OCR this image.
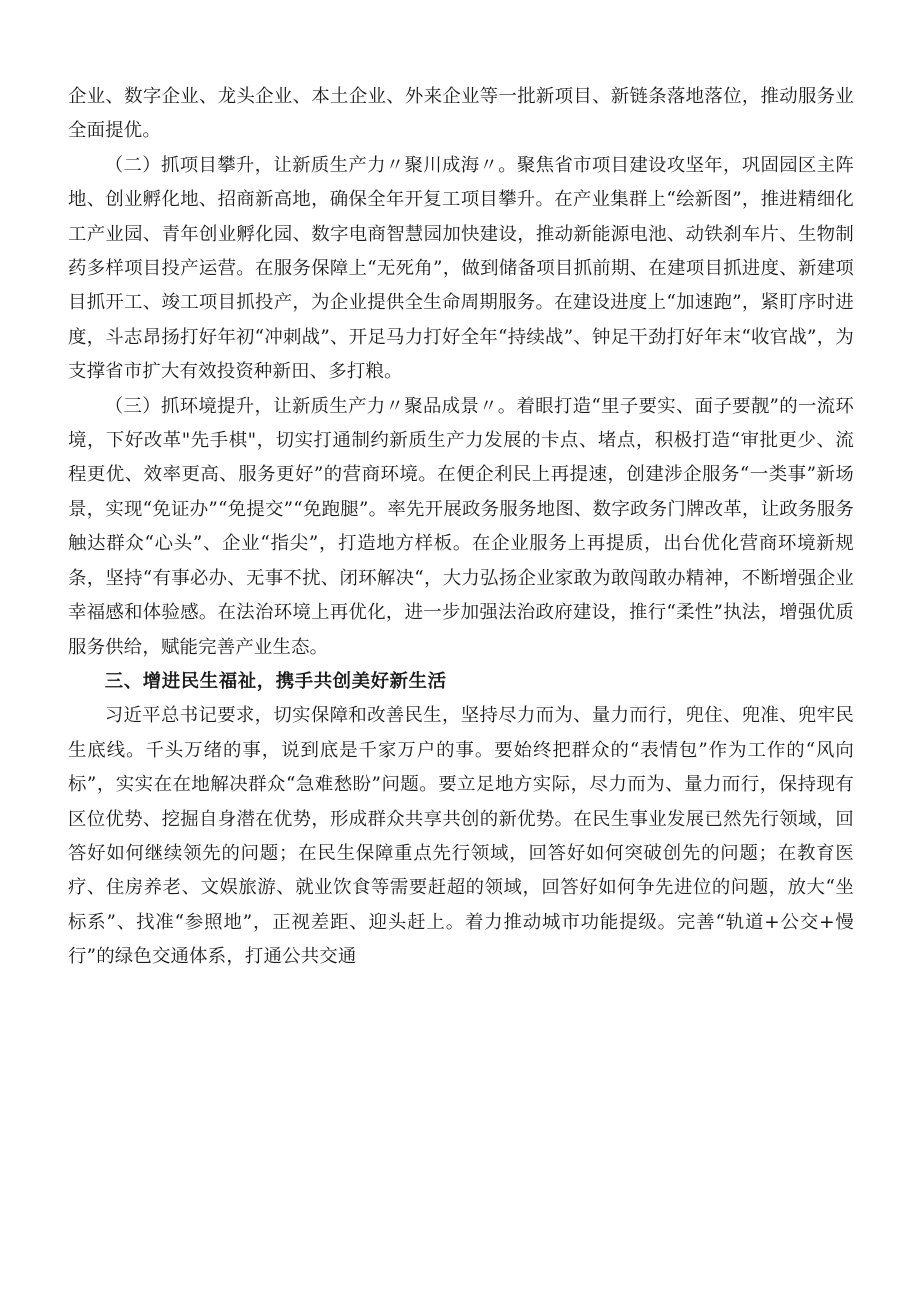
企业、数字企业、龙头企业、本土企业、外来企业等一批新项目、新链条落地落位，推动服务业全面提优。

（二）抓项目攀升，让新质生产力〃聚川成海〃。聚焦省市项目建设攻坚年，巩固园区主阵地、创业孵化地、招商新高地，确保全年开复工项目攀升。在产业集群上“绘新图”，推进精细化工产业园、青年创业孵化园、数字电商智慧园加快建设，推动新能源电池、动铁刹车片、生物制药多样项目投产运营。在服务保障上“无死角”，做到储备项目抓前期、在建项目抓进度、新建项目抓开工、竣工项目抓投产，为企业提供全生命周期服务。在建设进度上“加速跑”，紧盯序时进度，斗志昂扬打好年初“冲刺战”、开足马力打好全年“持续战”、钟足干劲打好年末“收官战”，为支撑省市扩大有效投资种新田、多打粮。

（三）抓环境提升，让新质生产力〃聚品成景〃。着眼打造“里子要实、面子要靓”的一流环境，下好改革"先手棋"，切实打通制约新质生产力发展的卡点、堵点，积极打造“审批更少、流程更优、效率更高、服务更好”的营商环境。在便企利民上再提速，创建涉企服务“一类事”新场景，实现“免证办”“免提交”“免跑腿”。率先开展政务服务地图、数字政务门牌改革，让政务服务触达群众“心头”、企业“指尖”，打造地方样板。在企业服务上再提质，出台优化营商环境新规条，坚持“有事必办、无事不扰、闭环解决“，大力弘扬企业家敢为敢闯敢办精神，不断增强企业幸福感和体验感。在法治环境上再优化，进一步加强法治政府建设，推行“柔性”执法，增强优质服务供给，赋能完善产业生态。

三、增进民生福祉，携手共创美好新生活

习近平总书记要求，切实保障和改善民生，坚持尽力而为、量力而行，兜住、兜准、兜牢民生底线。千头万绪的事，说到底是千家万户的事。要始终把群众的“表情包”作为工作的“风向标”，实实在在地解决群众“急难愁盼”问题。要立足地方实际，尽力而为、量力而行，保持现有区位优势、挖掘自身潜在优势，形成群众共享共创的新优势。在民生事业发展已然先行领域，回答好如何继续领先的问题；在民生保障重点先行领域，回答好如何突破创先的问题；在教育医疗、住房养老、文娱旅游、就业饮食等需要赶超的领域，回答好如何争先进位的问题，放大“坐标系”、找准“参照地”，正视差距、迎头赶上。着力推动城市功能提级。完善“轨道+公交+慢行”的绿色交通体系，打通公共交通
